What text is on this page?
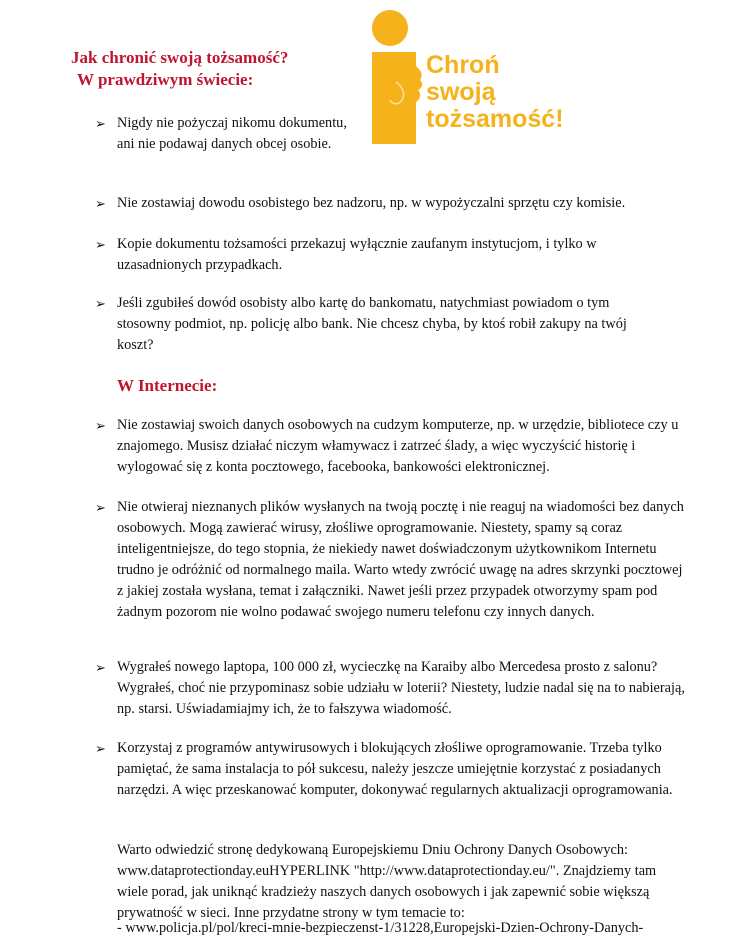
Jak chronić swoją tożsamość?

W prawdziwym świecie:

Chroń
swoją
tożsamość!
➢ Nigdy nie pożyczaj nikomu dokumentu, ani nie podawaj danych obcej osobie.
➢ Nie zostawiaj dowodu osobistego bez nadzoru, np. w wypożyczalni sprzętu czy komisie.
➢ Kopie dokumentu tożsamości przekazuj wyłącznie zaufanym instytucjom, i tylko w uzasadnionych przypadkach.
➢ Jeśli zgubiłeś dowód osobisty albo kartę do bankomatu, natychmiast powiadom o tym stosowny podmiot, np. policję albo bank. Nie chcesz chyba, by ktoś robił zakupy na twój koszt?

W Internecie:

➢ Nie zostawiaj swoich danych osobowych na cudzym komputerze, np. w urzędzie, bibliotece czy u znajomego. Musisz działać niczym włamywacz i zatrzeć ślady, a więc wyczyścić historię i wylogować się z konta pocztowego, facebooka, bankowości elektronicznej.
➢ Nie otwieraj nieznanych plików wysłanych na twoją pocztę i nie reaguj na wiadomości bez danych osobowych. Mogą zawierać wirusy, złośliwe oprogramowanie. Niestety, spamy są coraz inteligentniejsze, do tego stopnia, że niekiedy nawet doświadczonym użytkownikom Internetu trudno je odróżnić od normalnego maila. Warto wtedy zwrócić uwagę na adres skrzynki pocztowej z jakiej została wysłana, temat i załączniki. Nawet jeśli przez przypadek otworzymy spam pod żadnym pozorom nie wolno podawać swojego numeru telefonu czy innych danych.
➢ Wygrałeś nowego laptopa, 100 000 zł, wycieczkę na Karaiby albo Mercedesa prosto z salonu? Wygrałeś, choć nie przypominasz sobie udziału w loterii? Niestety, ludzie nadal się na to nabierają, np. starsi. Uświadamiajmy ich, że to fałszywa wiadomość.
➢ Korzystaj z programów antywirusowych i blokujących złośliwe oprogramowanie. Trzeba tylko pamiętać, że sama instalacja to pół sukcesu, należy jeszcze umiejętnie korzystać z posiadanych narzędzi. A więc przeskanować komputer, dokonywać regularnych aktualizacji oprogramowania.
Warto odwiedzić stronę dedykowaną Europejskiemu Dniu Ochrony Danych Osobowych: www.dataprotectionday.euHYPERLINK "http://www.dataprotectionday.eu/". Znajdziemy tam wiele porad, jak uniknąć kradzieży naszych danych osobowych i jak zapewnić sobie większą prywatność w sieci. Inne przydatne strony w tym temacie to:
- www.policja.pl/pol/kreci-mnie-bezpieczenst-1/31228,Europejski-Dzien-Ochrony-Danych-
